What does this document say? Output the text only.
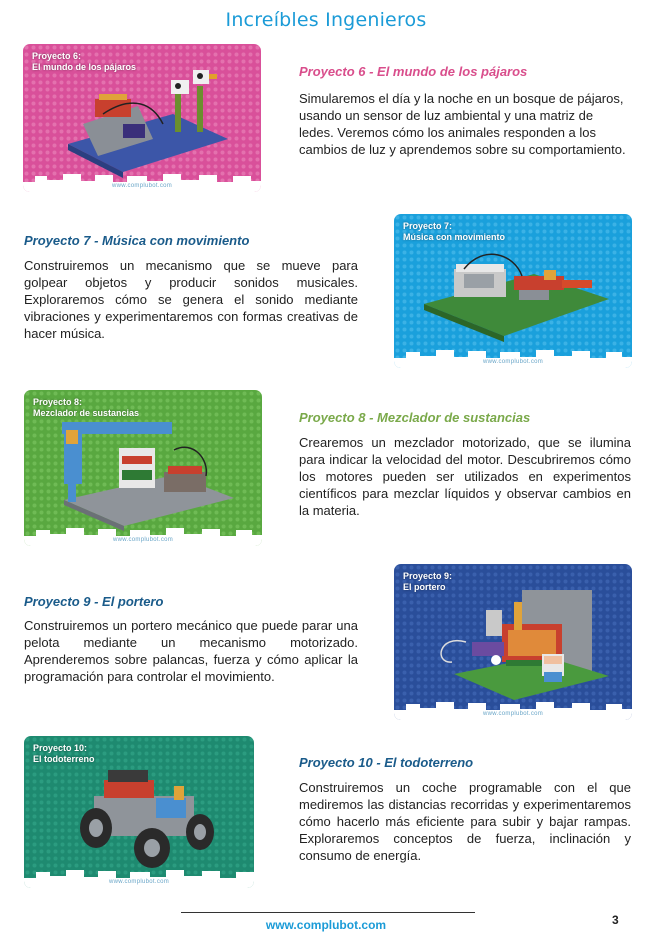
Increíbles Ingenieros
Proyecto 6:
El mundo de los pájaros
www.complubot.com
Proyecto 6 - El mundo de los pájaros
Simularemos el día y la noche en un bosque de pájaros, usando un sensor de luz ambiental y una matriz de ledes. Veremos cómo los animales responden a los cambios de luz y aprendemos sobre su comportamiento.
Proyecto 7 - Música con movimiento
Construiremos un mecanismo que se mueve para golpear objetos y producir sonidos musicales. Exploraremos cómo se genera el sonido mediante vibraciones y experimentaremos con formas creativas de hacer música.
Proyecto 7:
Música con movimiento
www.complubot.com
Proyecto 8:
Mezclador de sustancias
www.complubot.com
Proyecto 8 - Mezclador de sustancias
Crearemos un mezclador motorizado, que se ilumina para indicar la velocidad del motor. Descubriremos cómo los motores pueden ser utilizados en experimentos científicos para mezclar líquidos y observar cambios en la materia.
Proyecto 9 - El portero
Construiremos un portero mecánico que puede parar una pelota mediante un mecanismo motorizado. Aprenderemos sobre palancas, fuerza y cómo aplicar la programación para controlar el movimiento.
Proyecto 9:
El portero
www.complubot.com
Proyecto 10:
El todoterreno
www.complubot.com
Proyecto 10 - El todoterreno
Construiremos un coche programable con el que mediremos las distancias recorridas y experimentaremos cómo hacerlo más eficiente para subir y bajar rampas. Exploraremos conceptos de fuerza, inclinación y consumo de energía.
www.complubot.com	3
